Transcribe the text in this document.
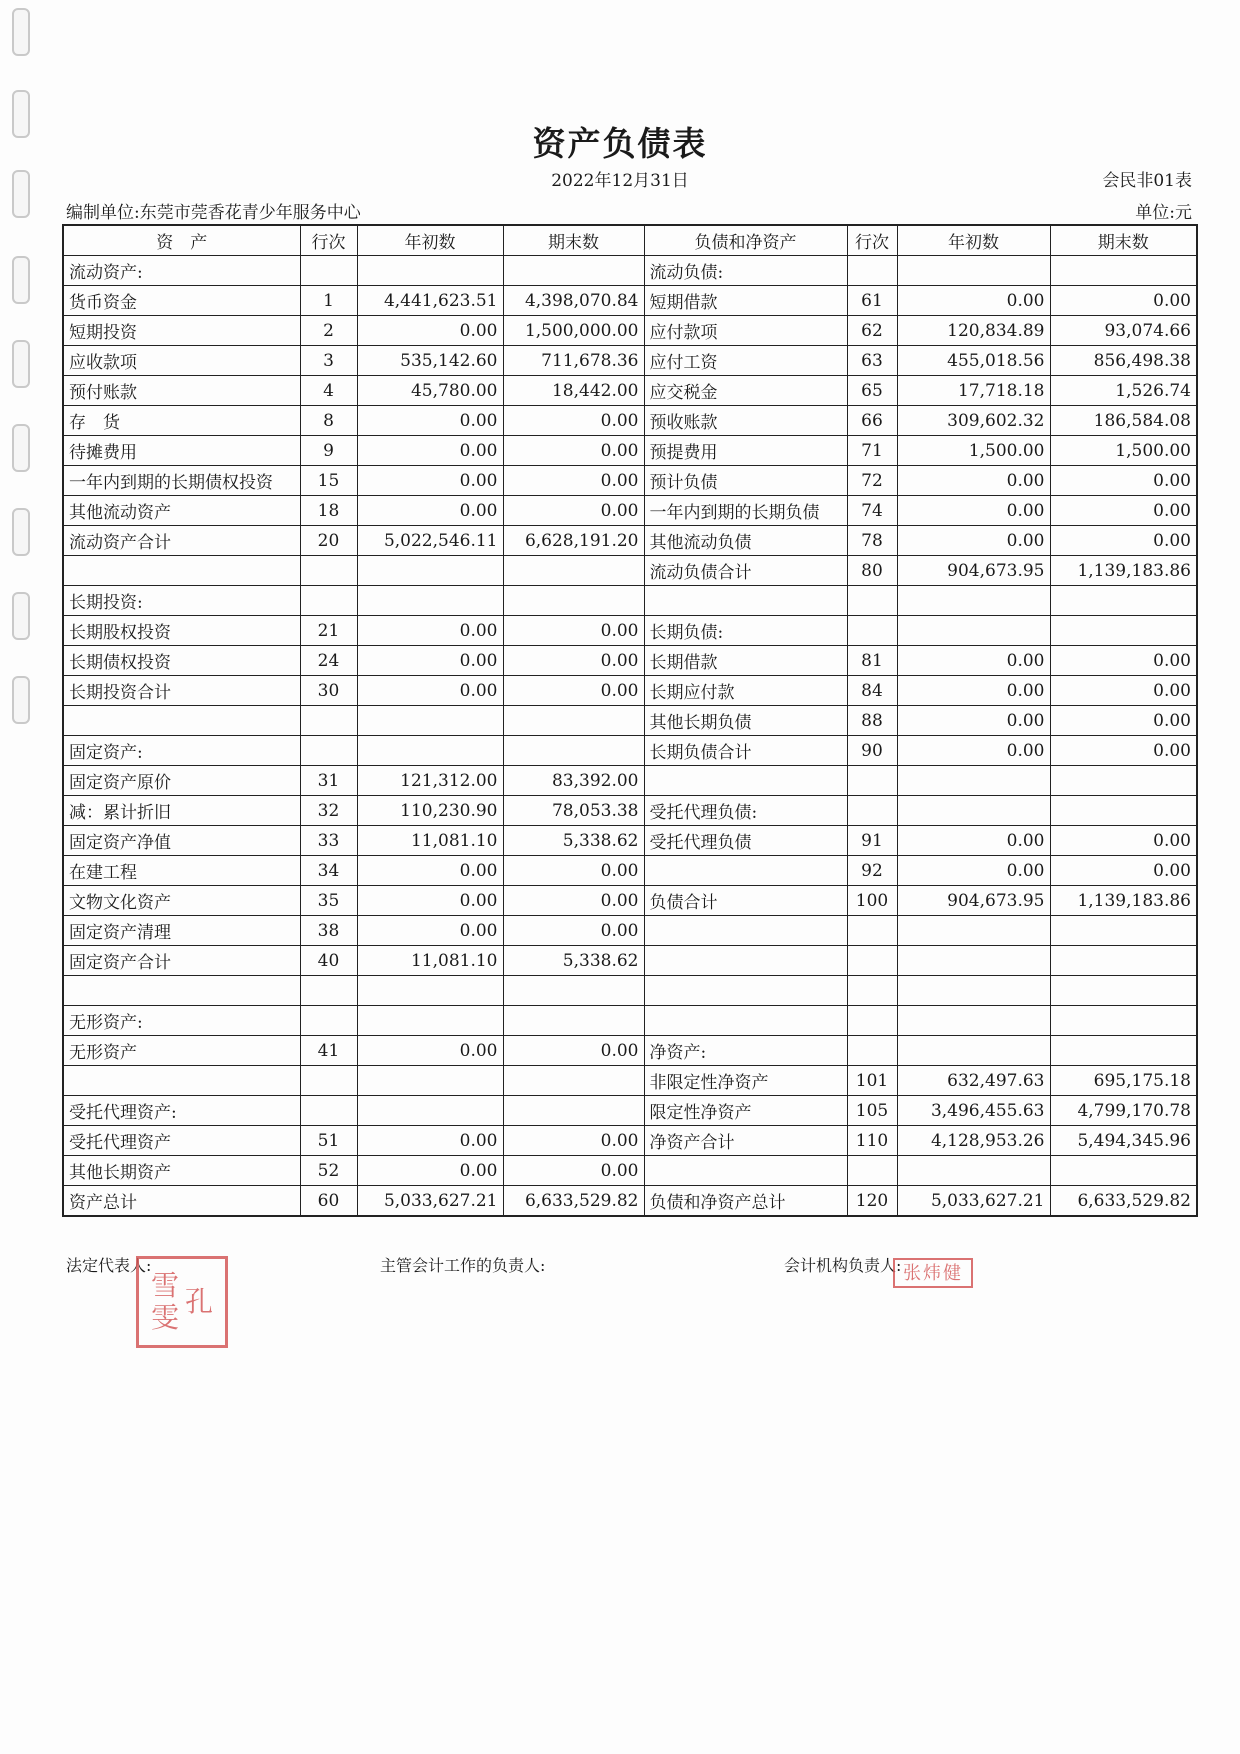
资产负债表
2022年12月31日	会民非01表
编制单位:东莞市莞香花青少年服务中心	单位:元
资　产	行次	年初数	期末数	负债和净资产	行次	年初数	期末数
流动资产:				流动负债:			
货币资金	1	4,441,623.51	4,398,070.84	短期借款	61	0.00	0.00
短期投资	2	0.00	1,500,000.00	应付款项	62	120,834.89	93,074.66
应收款项	3	535,142.60	711,678.36	应付工资	63	455,018.56	856,498.38
预付账款	4	45,780.00	18,442.00	应交税金	65	17,718.18	1,526.74
存　货	8	0.00	0.00	预收账款	66	309,602.32	186,584.08
待摊费用	9	0.00	0.00	预提费用	71	1,500.00	1,500.00
一年内到期的长期债权投资	15	0.00	0.00	预计负债	72	0.00	0.00
其他流动资产	18	0.00	0.00	一年内到期的长期负债	74	0.00	0.00
流动资产合计	20	5,022,546.11	6,628,191.20	其他流动负债	78	0.00	0.00
				流动负债合计	80	904,673.95	1,139,183.86
长期投资:							
长期股权投资	21	0.00	0.00	长期负债:			
长期债权投资	24	0.00	0.00	长期借款	81	0.00	0.00
长期投资合计	30	0.00	0.00	长期应付款	84	0.00	0.00
				其他长期负债	88	0.00	0.00
固定资产:				长期负债合计	90	0.00	0.00
固定资产原价	31	121,312.00	83,392.00				
减：累计折旧	32	110,230.90	78,053.38	受托代理负债:			
固定资产净值	33	11,081.10	5,338.62	受托代理负债	91	0.00	0.00
在建工程	34	0.00	0.00		92	0.00	0.00
文物文化资产	35	0.00	0.00	负债合计	100	904,673.95	1,139,183.86
固定资产清理	38	0.00	0.00				
固定资产合计	40	11,081.10	5,338.62				

无形资产:							
无形资产	41	0.00	0.00	净资产:			
				非限定性净资产	101	632,497.63	695,175.18
受托代理资产:				限定性净资产	105	3,496,455.63	4,799,170.78
受托代理资产	51	0.00	0.00	净资产合计	110	4,128,953.26	5,494,345.96
其他长期资产	52	0.00	0.00				
资产总计	60	5,033,627.21	6,633,529.82	负债和净资产总计	120	5,033,627.21	6,633,529.82
法定代表人:	主管会计工作的负责人:	会计机构负责人:
孔
雪
雯
张炜健
